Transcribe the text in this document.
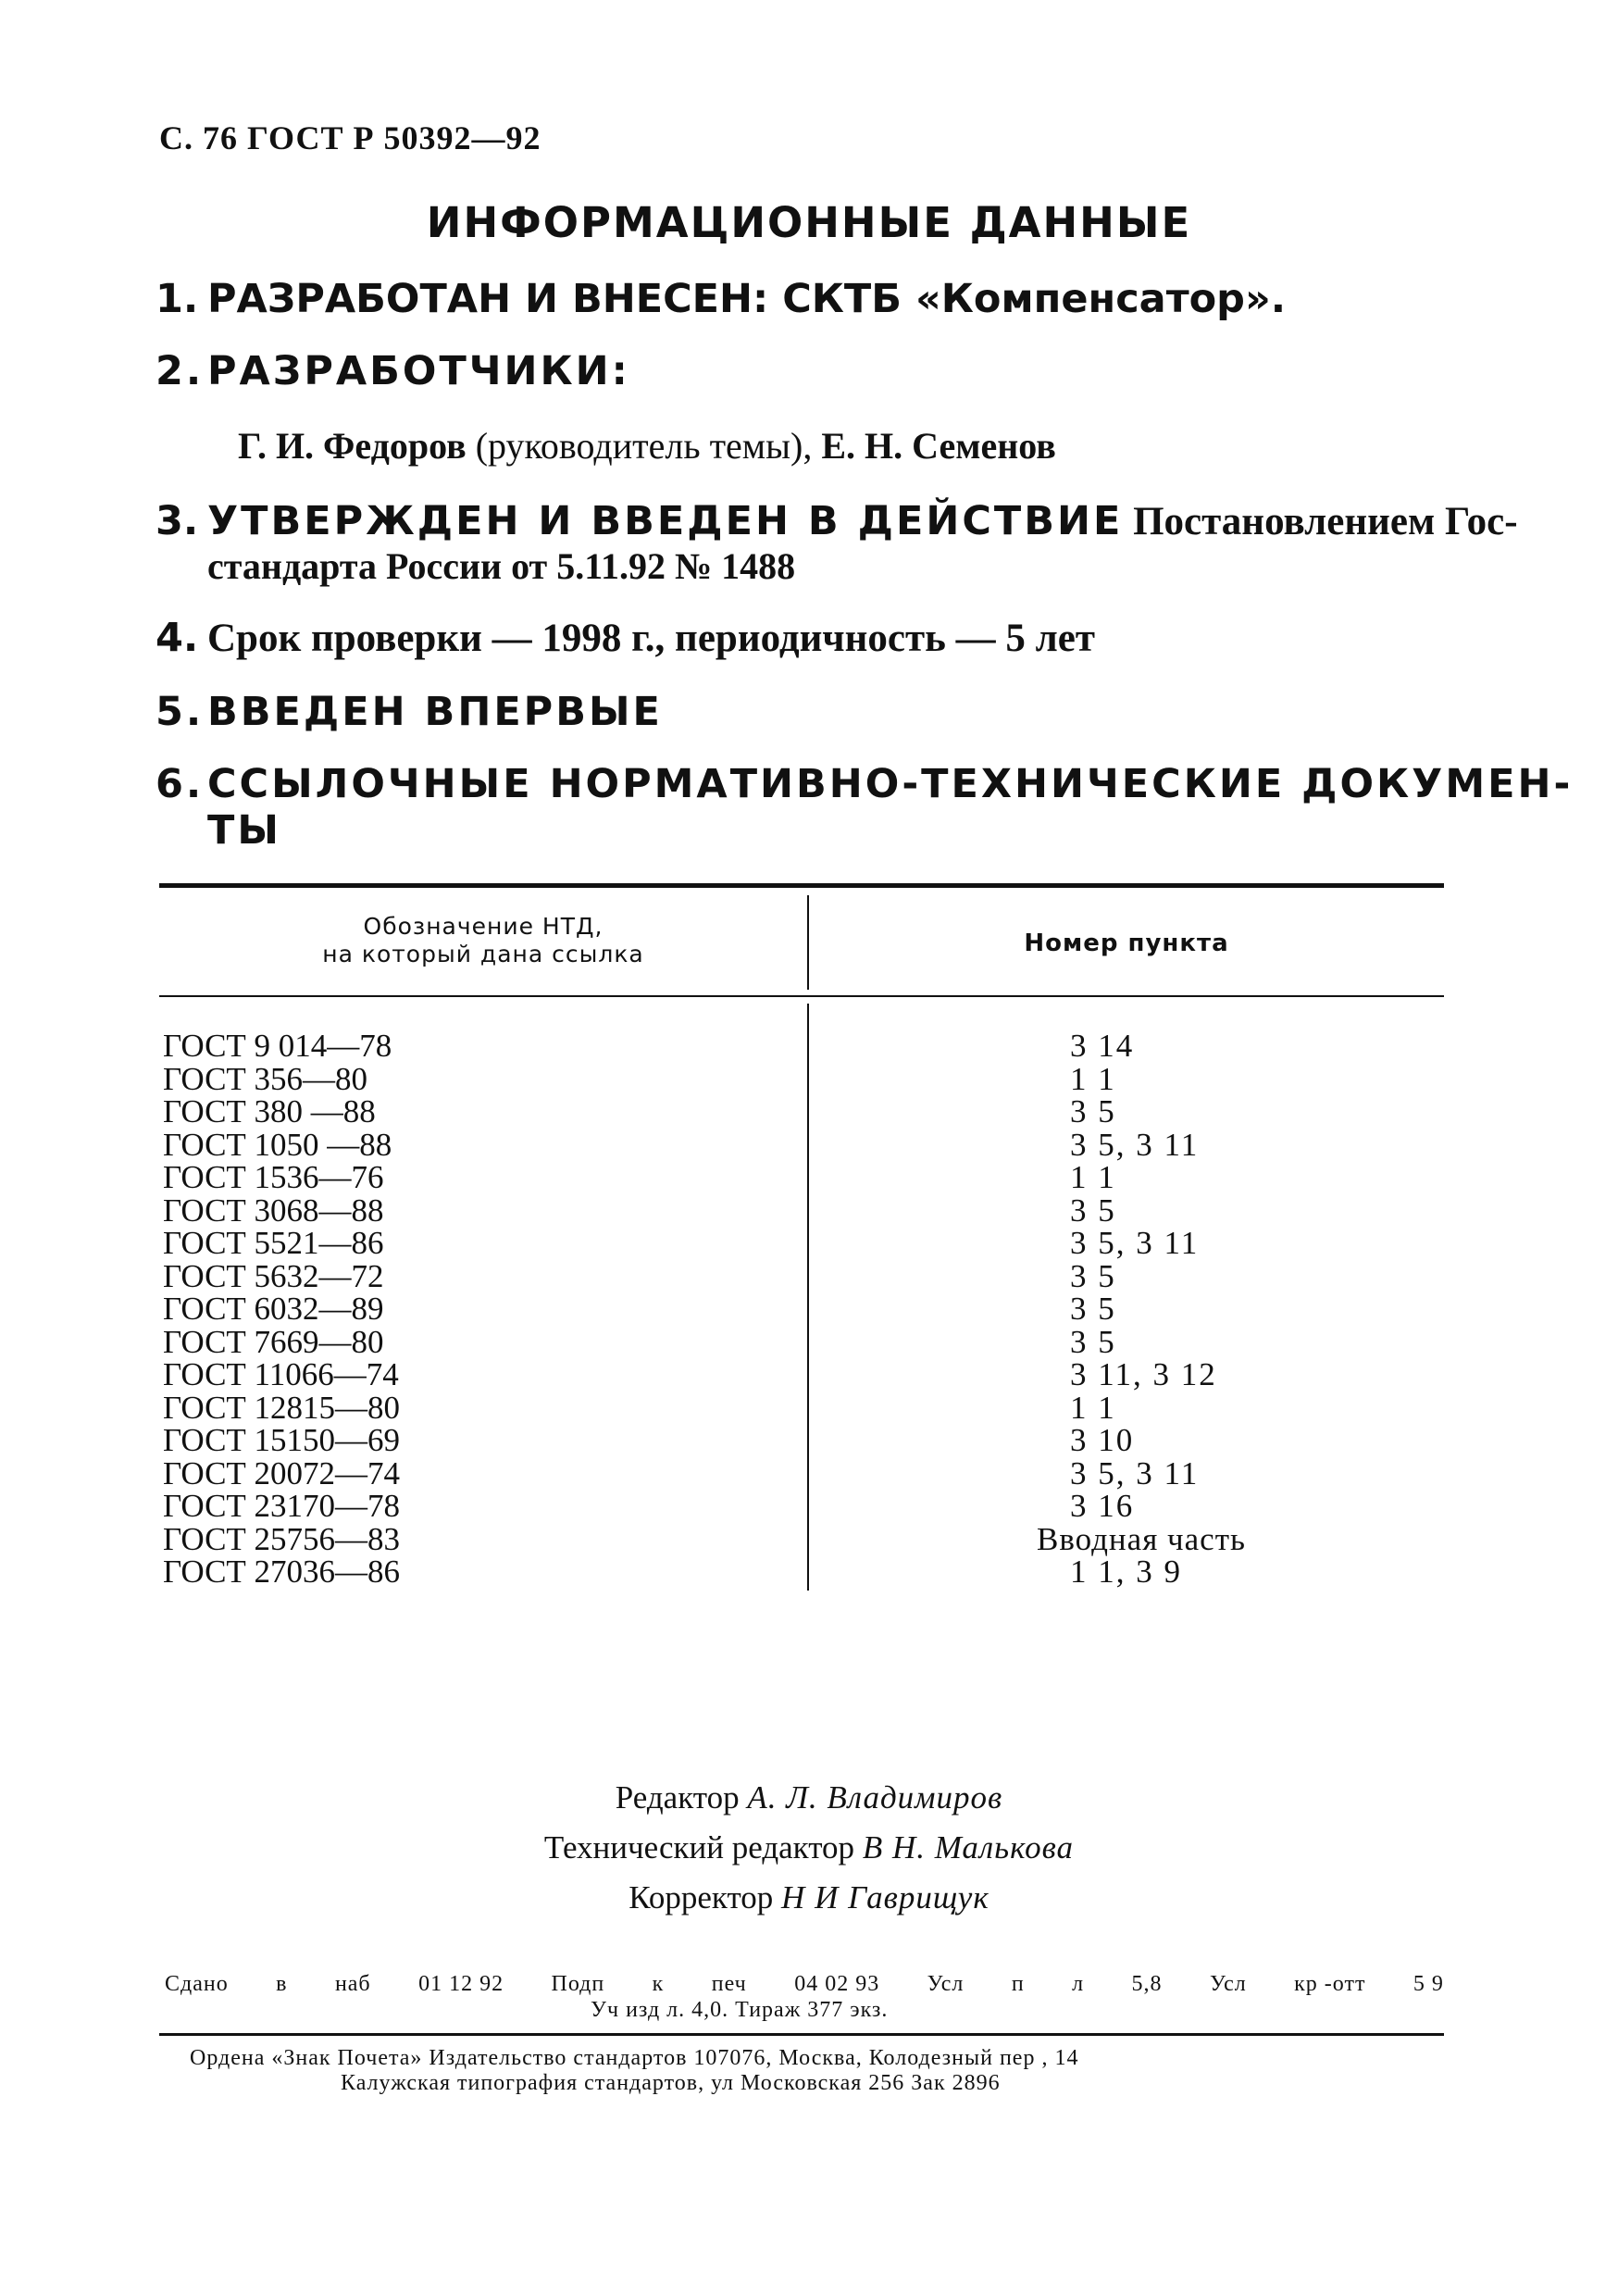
С. 76 ГОСТ Р 50392—92
ИНФОРМАЦИОННЫЕ ДАННЫЕ
1. РАЗРАБОТАН И ВНЕСЕН: СКТБ «Компенсатор».
2.РАЗРАБОТЧИКИ:
Г. И. Федоров (руководитель темы), Е. Н. Семенов
3. УТВЕРЖДЕН И ВВЕДЕН В ДЕЙСТВИЕ Постановлением Гос-
стандарта России от 5.11.92 № 1488
4. Срок проверки — 1998 г., периодичность — 5 лет
5.ВВЕДЕН ВПЕРВЫЕ
6.ССЫЛОЧНЫЕ НОРМАТИВНО-ТЕХНИЧЕСКИЕ ДОКУМЕН-
ТЫ
Обозначение НТД,
на который дана ссылка	Номер пункта
ГОСТ 9 014—78
ГОСТ 356—80
ГОСТ 380 —88
ГОСТ 1050 —88
ГОСТ 1536—76
ГОСТ 3068—88
ГОСТ 5521—86
ГОСТ 5632—72
ГОСТ 6032—89
ГОСТ 7669—80
ГОСТ 11066—74
ГОСТ 12815—80
ГОСТ 15150—69
ГОСТ 20072—74
ГОСТ 23170—78
ГОСТ 25756—83
ГОСТ 27036—86
3 14
1 1
3 5
3 5, 3 11
1 1
3 5
3 5, 3 11
3 5
3 5
3 5
3 11, 3 12
1 1
3 10
3 5, 3 11
3 16
Вводная часть
1 1, 3 9
Редактор А. Л. Владимиров
Технический редактор В Н. Малькова
Корректор Н И Гаврищук
Сдано в наб 01 12 92 Подп к печ 04 02 93 Усл п л 5,8 Усл кр -отт 5 9
Уч изд л. 4,0. Тираж 377 экз.
Ордена «Знак Почета» Издательство стандартов 107076, Москва, Колодезный пер , 14
Калужская типография стандартов, ул Московская 256 Зак 2896
